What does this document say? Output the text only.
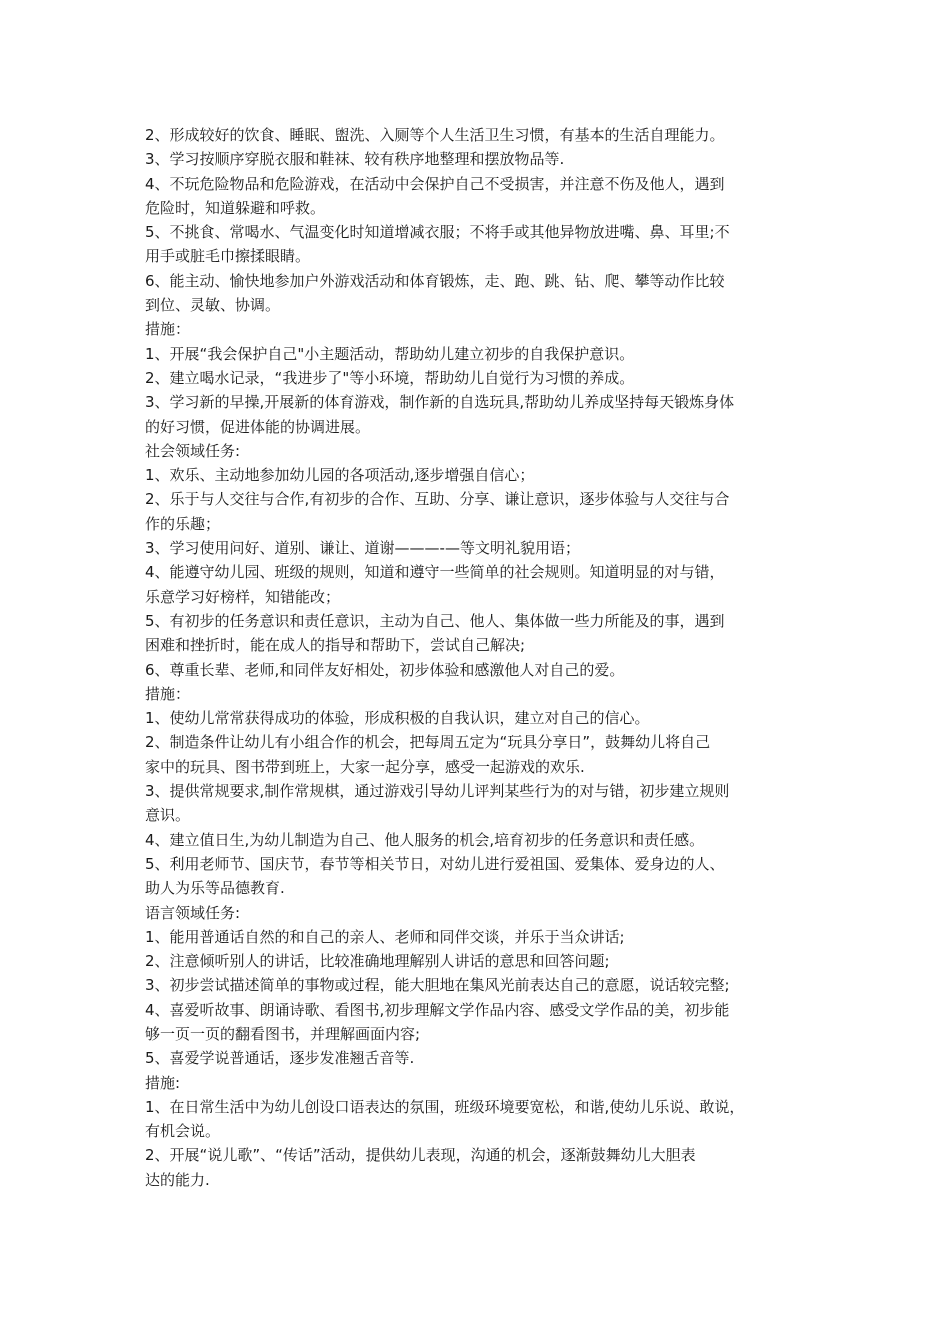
2、形成较好的饮食、睡眠、盥洗、入厕等个人生活卫生习惯，有基本的生活自理能力。
3、学习按顺序穿脱衣服和鞋袜、较有秩序地整理和摆放物品等.
4、不玩危险物品和危险游戏，在活动中会保护自己不受损害，并注意不伤及他人，遇到
危险时，知道躲避和呼救。
5、不挑食、常喝水、气温变化时知道增减衣服；不将手或其他异物放进嘴、鼻、耳里;不
用手或脏毛巾擦揉眼睛。
6、能主动、愉快地参加户外游戏活动和体育锻炼，走、跑、跳、钻、爬、攀等动作比较
到位、灵敏、协调。
措施：
1、开展“我会保护自己"小主题活动，帮助幼儿建立初步的自我保护意识。
2、建立喝水记录，“我进步了"等小环境，帮助幼儿自觉行为习惯的养成。
3、学习新的早操,开展新的体育游戏，制作新的自选玩具,帮助幼儿养成坚持每天锻炼身体
的好习惯，促进体能的协调进展。
社会领域任务:
1、欢乐、主动地参加幼儿园的各项活动,逐步增强自信心；
2、乐于与人交往与合作,有初步的合作、互助、分享、谦让意识，逐步体验与人交往与合
作的乐趣；
3、学习使用问好、道别、谦让、道谢———-—等文明礼貌用语；
4、能遵守幼儿园、班级的规则，知道和遵守一些简单的社会规则。知道明显的对与错，
乐意学习好榜样，知错能改；
5、有初步的任务意识和责任意识，主动为自己、他人、集体做一些力所能及的事，遇到
困难和挫折时，能在成人的指导和帮助下，尝试自己解决;
6、尊重长辈、老师,和同伴友好相处，初步体验和感激他人对自己的爱。
措施：
1、使幼儿常常获得成功的体验，形成积极的自我认识，建立对自己的信心。
2、制造条件让幼儿有小组合作的机会，把每周五定为“玩具分享日”，鼓舞幼儿将自己
家中的玩具、图书带到班上，大家一起分享，感受一起游戏的欢乐.
3、提供常规要求,制作常规棋，通过游戏引导幼儿评判某些行为的对与错，初步建立规则
意识。
4、建立值日生,为幼儿制造为自己、他人服务的机会,培育初步的任务意识和责任感。
5、利用老师节、国庆节，春节等相关节日，对幼儿进行爱祖国、爱集体、爱身边的人、
助人为乐等品德教育.
语言领域任务:
1、能用普通话自然的和自己的亲人、老师和同伴交谈，并乐于当众讲话;
2、注意倾听别人的讲话，比较准确地理解别人讲话的意思和回答问题;
3、初步尝试描述简单的事物或过程，能大胆地在集风光前表达自己的意愿，说话较完整;
4、喜爱听故事、朗诵诗歌、看图书,初步理解文学作品内容、感受文学作品的美，初步能
够一页一页的翻看图书，并理解画面内容;
5、喜爱学说普通话，逐步发准翘舌音等.
措施:
1、在日常生活中为幼儿创设口语表达的氛围，班级环境要宽松，和谐,使幼儿乐说、敢说，
有机会说。
2、开展“说儿歌”、“传话”活动，提供幼儿表现，沟通的机会，逐渐鼓舞幼儿大胆表
达的能力.
